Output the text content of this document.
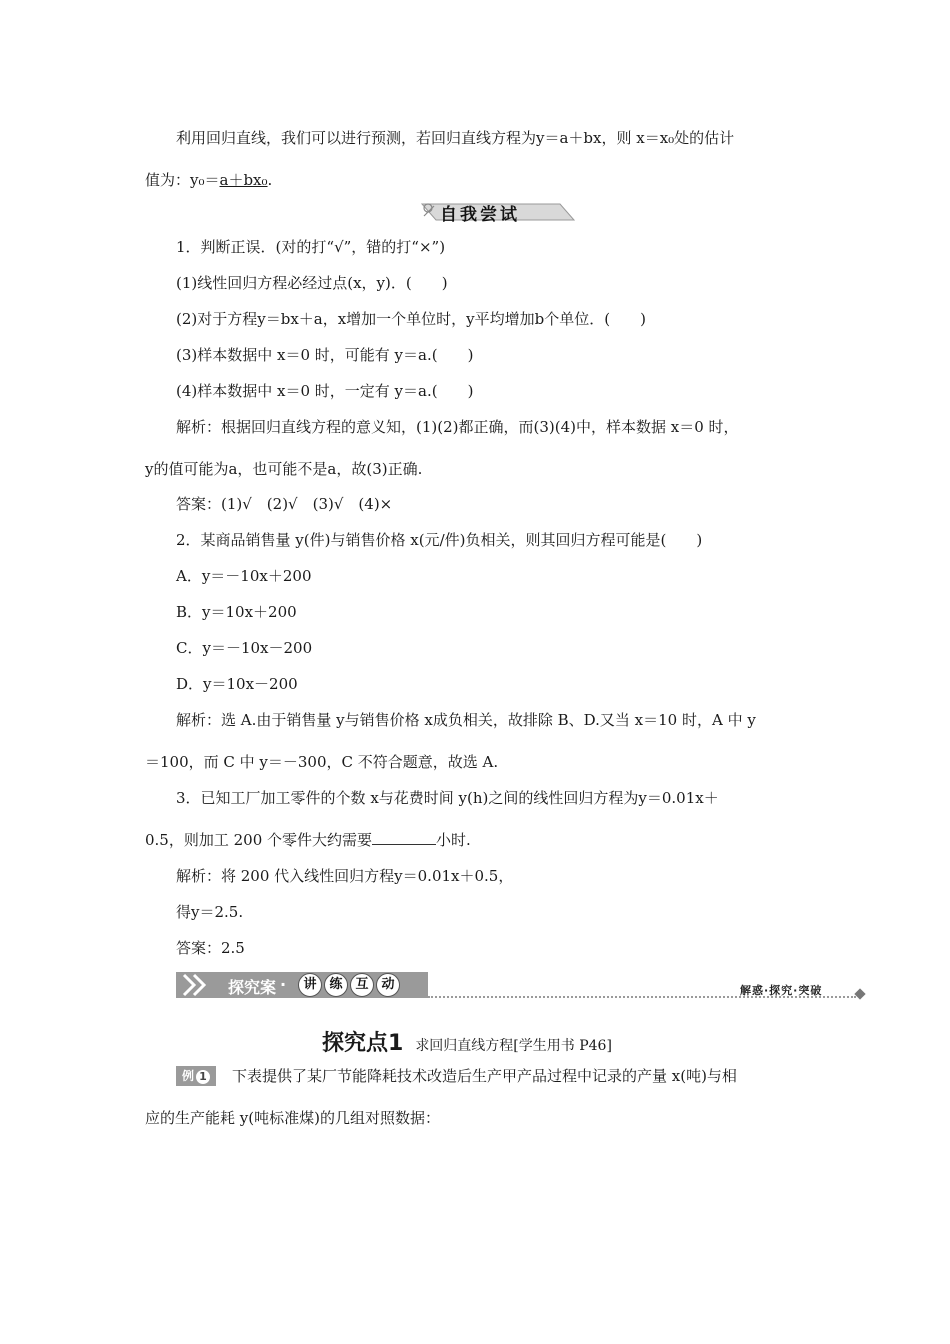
利用回归直线，我们可以进行预测，若回归直线方程为y＝a＋bx，则 x＝x₀处的估计
值为：y₀＝a＋bx₀.
自我尝试
1．判断正误．(对的打“√”，错的打“×”)
(1)线性回归方程必经过点(x，y)．(　　)
(2)对于方程y＝bx＋a，x增加一个单位时，y平均增加b个单位．(　　)
(3)样本数据中 x＝0 时，可能有 y＝a.(　　)
(4)样本数据中 x＝0 时，一定有 y＝a.(　　)
解析：根据回归直线方程的意义知，(1)(2)都正确，而(3)(4)中，样本数据 x＝0 时，
y的值可能为a，也可能不是a，故(3)正确.
答案：(1)√　(2)√　(3)√　(4)×
2．某商品销售量 y(件)与销售价格 x(元/件)负相关，则其回归方程可能是(　　)
A．y＝－10x＋200
B．y＝10x＋200
C．y＝－10x－200
D．y＝10x－200
解析：选 A.由于销售量 y与销售价格 x成负相关，故排除 B、D.又当 x＝10 时，A 中 y
＝100，而 C 中 y＝－300，C 不符合题意，故选 A.
3．已知工厂加工零件的个数 x与花费时间 y(h)之间的线性回归方程为y＝0.01x＋
0.5，则加工 200 个零件大约需要	小时.
解析：将 200 代入线性回归方程y＝0.01x＋0.5，
得y＝2.5.
答案：2.5
探究案 ·	讲 练 互 动	解惑·探究·突破
探究点1 求回归直线方程[学生用书 P46]
例 1	下表提供了某厂节能降耗技术改造后生产甲产品过程中记录的产量 x(吨)与相
应的生产能耗 y(吨标准煤)的几组对照数据：
